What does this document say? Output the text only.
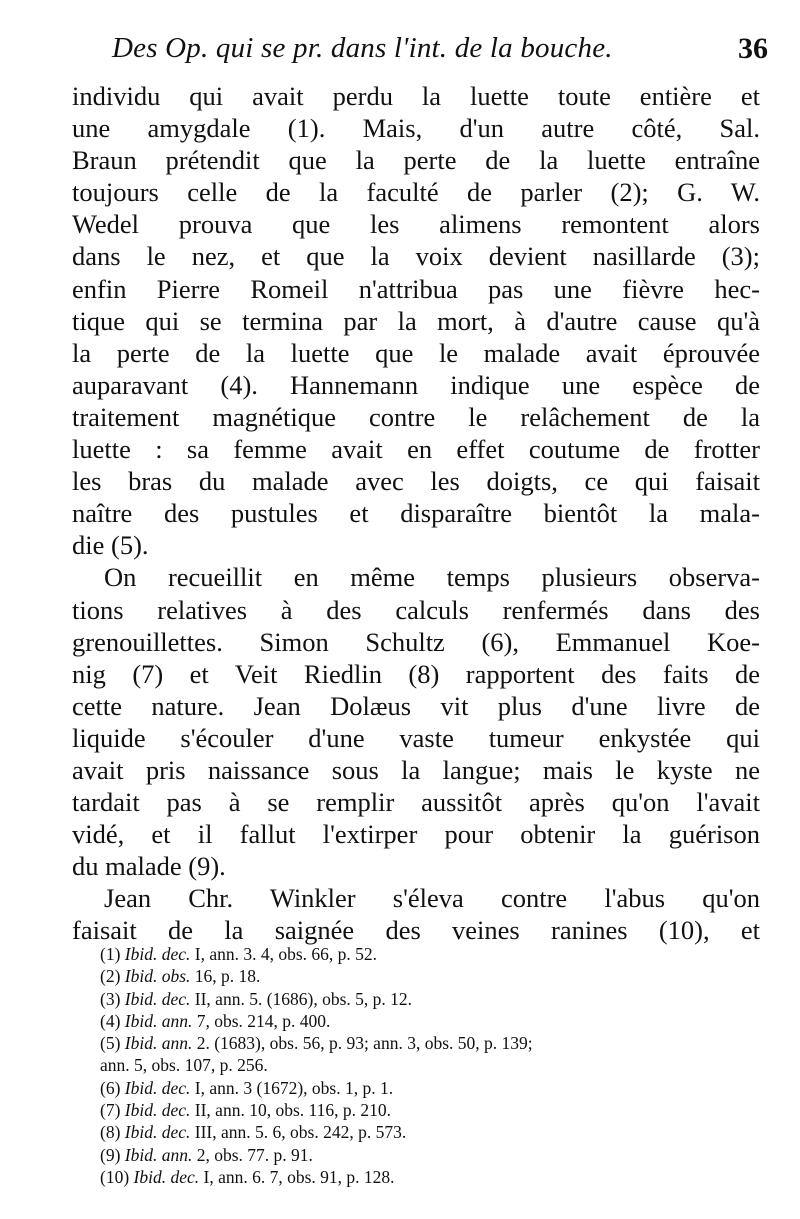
Des Op. qui se pr. dans l'int. de la bouche.	36
individu qui avait perdu la luette toute entière et
une amygdale (1). Mais, d'un autre côté, Sal.
Braun prétendit que la perte de la luette entraîne
toujours celle de la faculté de parler (2); G. W.
Wedel prouva que les alimens remontent alors
dans le nez, et que la voix devient nasillarde (3);
enfin Pierre Romeil n'attribua pas une fièvre hec-
tique qui se termina par la mort, à d'autre cause qu'à
la perte de la luette que le malade avait éprouvée
auparavant (4). Hannemann indique une espèce de
traitement magnétique contre le relâchement de la
luette : sa femme avait en effet coutume de frotter
les bras du malade avec les doigts, ce qui faisait
naître des pustules et disparaître bientôt la mala-
die (5).
On recueillit en même temps plusieurs observa-
tions relatives à des calculs renfermés dans des
grenouillettes. Simon Schultz (6), Emmanuel Koe-
nig (7) et Veit Riedlin (8) rapportent des faits de
cette nature. Jean Dolæus vit plus d'une livre de
liquide s'écouler d'une vaste tumeur enkystée qui
avait pris naissance sous la langue; mais le kyste ne
tardait pas à se remplir aussitôt après qu'on l'avait
vidé, et il fallut l'extirper pour obtenir la guérison
du malade (9).
Jean Chr. Winkler s'éleva contre l'abus qu'on
faisait de la saignée des veines ranines (10), et
(1) Ibid. dec. I, ann. 3. 4, obs. 66, p. 52.
(2) Ibid. obs. 16, p. 18.
(3) Ibid. dec. II, ann. 5. (1686), obs. 5, p. 12.
(4) Ibid. ann. 7, obs. 214, p. 400.
(5) Ibid. ann. 2. (1683), obs. 56, p. 93; ann. 3, obs. 50, p. 139;
ann. 5, obs. 107, p. 256.
(6) Ibid. dec. I, ann. 3 (1672), obs. 1, p. 1.
(7) Ibid. dec. II, ann. 10, obs. 116, p. 210.
(8) Ibid. dec. III, ann. 5. 6, obs. 242, p. 573.
(9) Ibid. ann. 2, obs. 77. p. 91.
(10) Ibid. dec. I, ann. 6. 7, obs. 91, p. 128.
